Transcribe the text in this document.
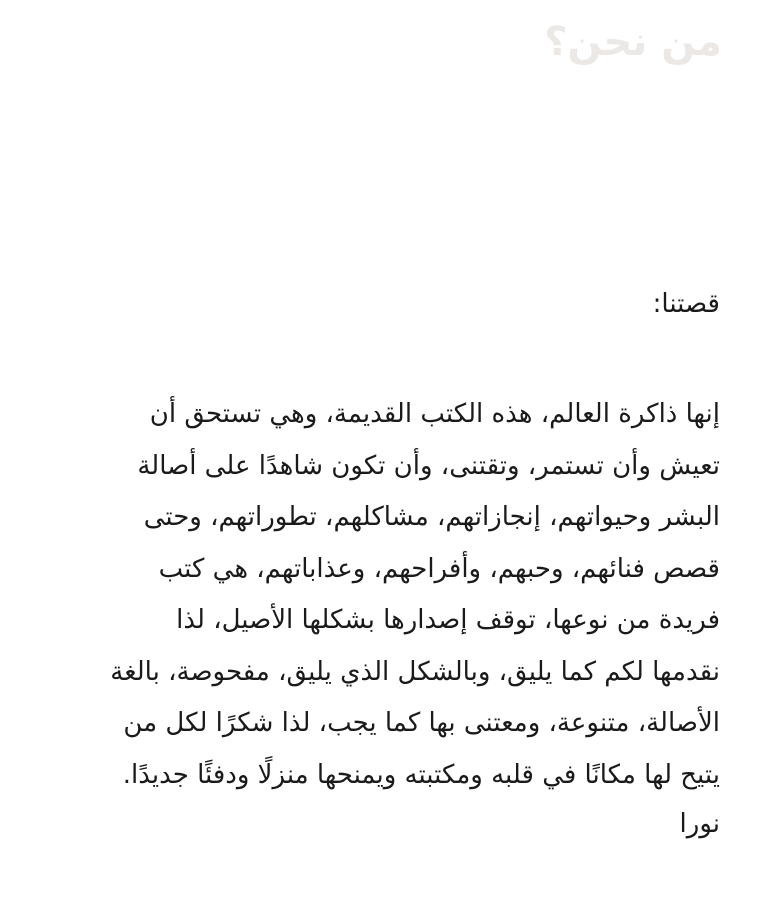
من نحن؟

قصتنا:

إنها ذاكرة العالم، هذه الكتب القديمة، وهي تستحق أن
تعيش وأن تستمر، وتقتنى، وأن تكون شاهدًا على أصالة
البشر وحيواتهم، إنجازاتهم، مشاكلهم، تطوراتهم، وحتى
قصص فنائهم، وحبهم، وأفراحهم، وعذاباتهم، هي كتب
فريدة من نوعها، توقف إصدارها بشكلها الأصيل، لذا
نقدمها لكم كما يليق، وبالشكل الذي يليق، مفحوصة، بالغة
الأصالة، متنوعة، ومعتنى بها كما يجب، لذا شكرًا لكل من
يتيح لها مكانًا في قلبه ومكتبته ويمنحها منزلًا ودفئًا جديدًا.

نورا
